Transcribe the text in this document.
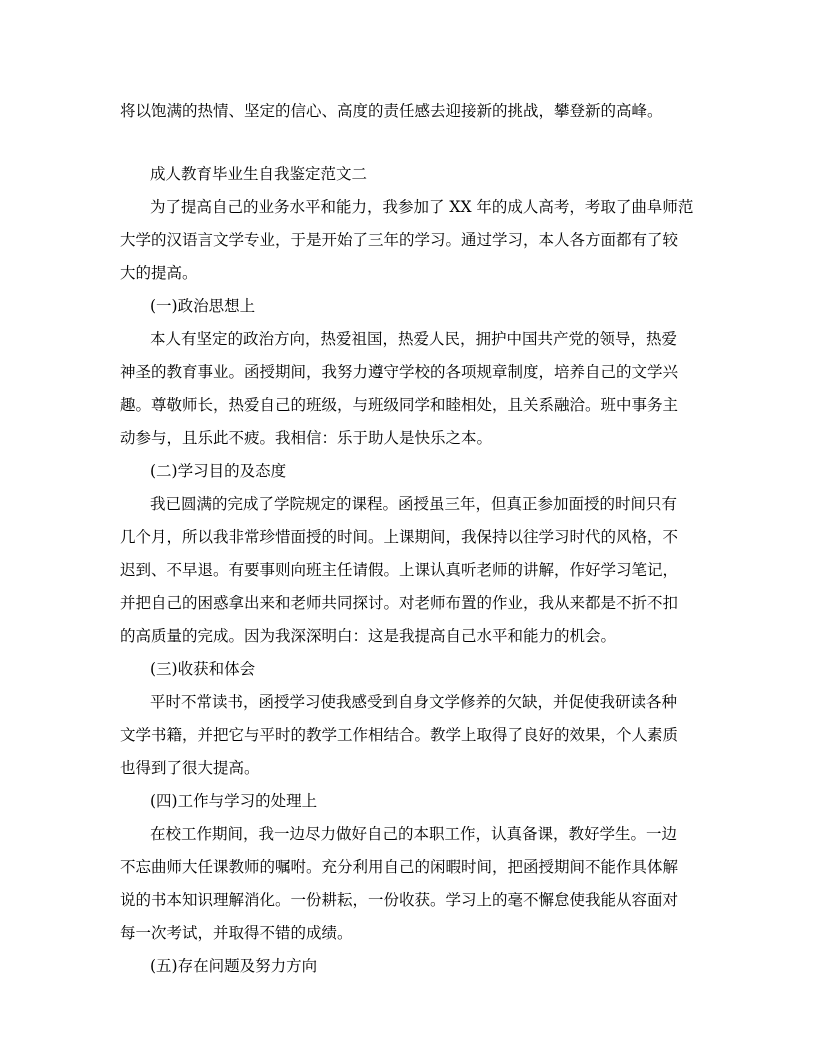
将以饱满的热情、坚定的信心、高度的责任感去迎接新的挑战，攀登新的高峰。
成人教育毕业生自我鉴定范文二
为了提高自己的业务水平和能力，我参加了 XX 年的成人高考，考取了曲阜师范
大学的汉语言文学专业，于是开始了三年的学习。通过学习，本人各方面都有了较
大的提高。
(一)政治思想上
本人有坚定的政治方向，热爱祖国，热爱人民，拥护中国共产党的领导，热爱
神圣的教育事业。函授期间，我努力遵守学校的各项规章制度，培养自己的文学兴
趣。尊敬师长，热爱自己的班级，与班级同学和睦相处，且关系融洽。班中事务主
动参与，且乐此不疲。我相信：乐于助人是快乐之本。
(二)学习目的及态度
我已圆满的完成了学院规定的课程。函授虽三年，但真正参加面授的时间只有
几个月，所以我非常珍惜面授的时间。上课期间，我保持以往学习时代的风格，不
迟到、不早退。有要事则向班主任请假。上课认真听老师的讲解，作好学习笔记，
并把自己的困惑拿出来和老师共同探讨。对老师布置的作业，我从来都是不折不扣
的高质量的完成。因为我深深明白：这是我提高自己水平和能力的机会。
(三)收获和体会
平时不常读书，函授学习使我感受到自身文学修养的欠缺，并促使我研读各种
文学书籍，并把它与平时的教学工作相结合。教学上取得了良好的效果，个人素质
也得到了很大提高。
(四)工作与学习的处理上
在校工作期间，我一边尽力做好自己的本职工作，认真备课，教好学生。一边
不忘曲师大任课教师的嘱咐。充分利用自己的闲暇时间，把函授期间不能作具体解
说的书本知识理解消化。一份耕耘，一份收获。学习上的毫不懈怠使我能从容面对
每一次考试，并取得不错的成绩。
(五)存在问题及努力方向
